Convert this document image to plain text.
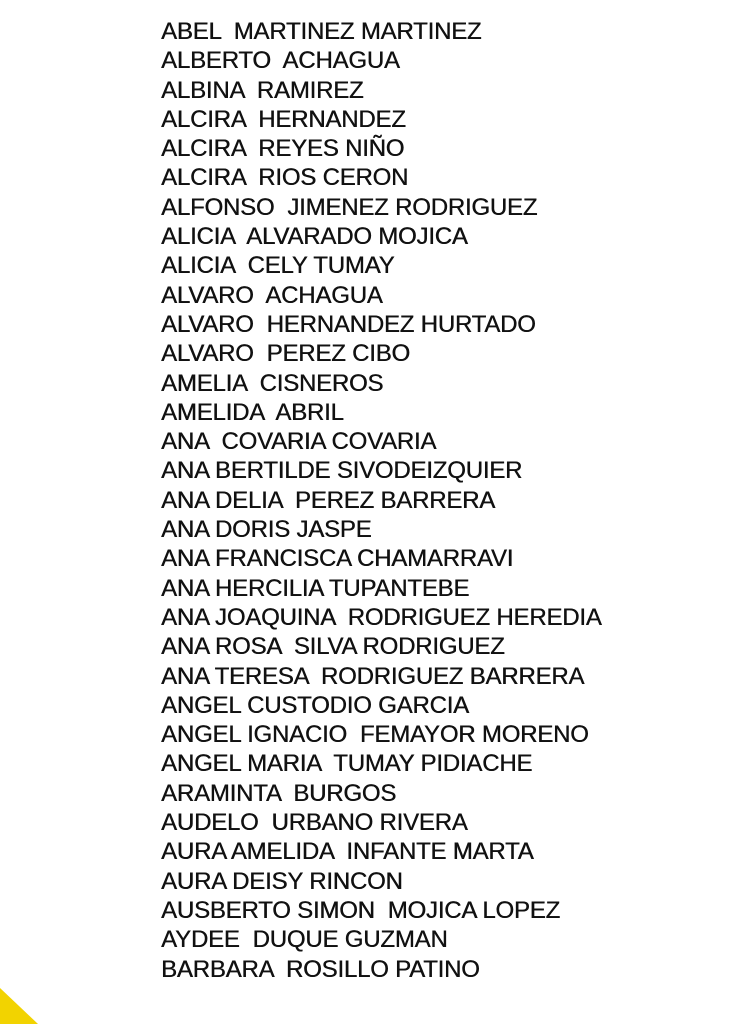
ABEL  MARTINEZ MARTINEZ
ALBERTO  ACHAGUA
ALBINA  RAMIREZ
ALCIRA  HERNANDEZ
ALCIRA  REYES NIÑO
ALCIRA  RIOS CERON
ALFONSO  JIMENEZ RODRIGUEZ
ALICIA  ALVARADO MOJICA
ALICIA  CELY TUMAY
ALVARO  ACHAGUA
ALVARO  HERNANDEZ HURTADO
ALVARO  PEREZ CIBO
AMELIA  CISNEROS
AMELIDA  ABRIL
ANA  COVARIA COVARIA
ANA BERTILDE SIVODEIZQUIER
ANA DELIA  PEREZ BARRERA
ANA DORIS JASPE
ANA FRANCISCA CHAMARRAVI
ANA HERCILIA TUPANTEBE
ANA JOAQUINA  RODRIGUEZ HEREDIA
ANA ROSA  SILVA RODRIGUEZ
ANA TERESA  RODRIGUEZ BARRERA
ANGEL CUSTODIO GARCIA
ANGEL IGNACIO  FEMAYOR MORENO
ANGEL MARIA  TUMAY PIDIACHE
ARAMINTA  BURGOS
AUDELO  URBANO RIVERA
AURA AMELIDA  INFANTE MARTA
AURA DEISY RINCON
AUSBERTO SIMON  MOJICA LOPEZ
AYDEE  DUQUE GUZMAN
BARBARA  ROSILLO PATINO
